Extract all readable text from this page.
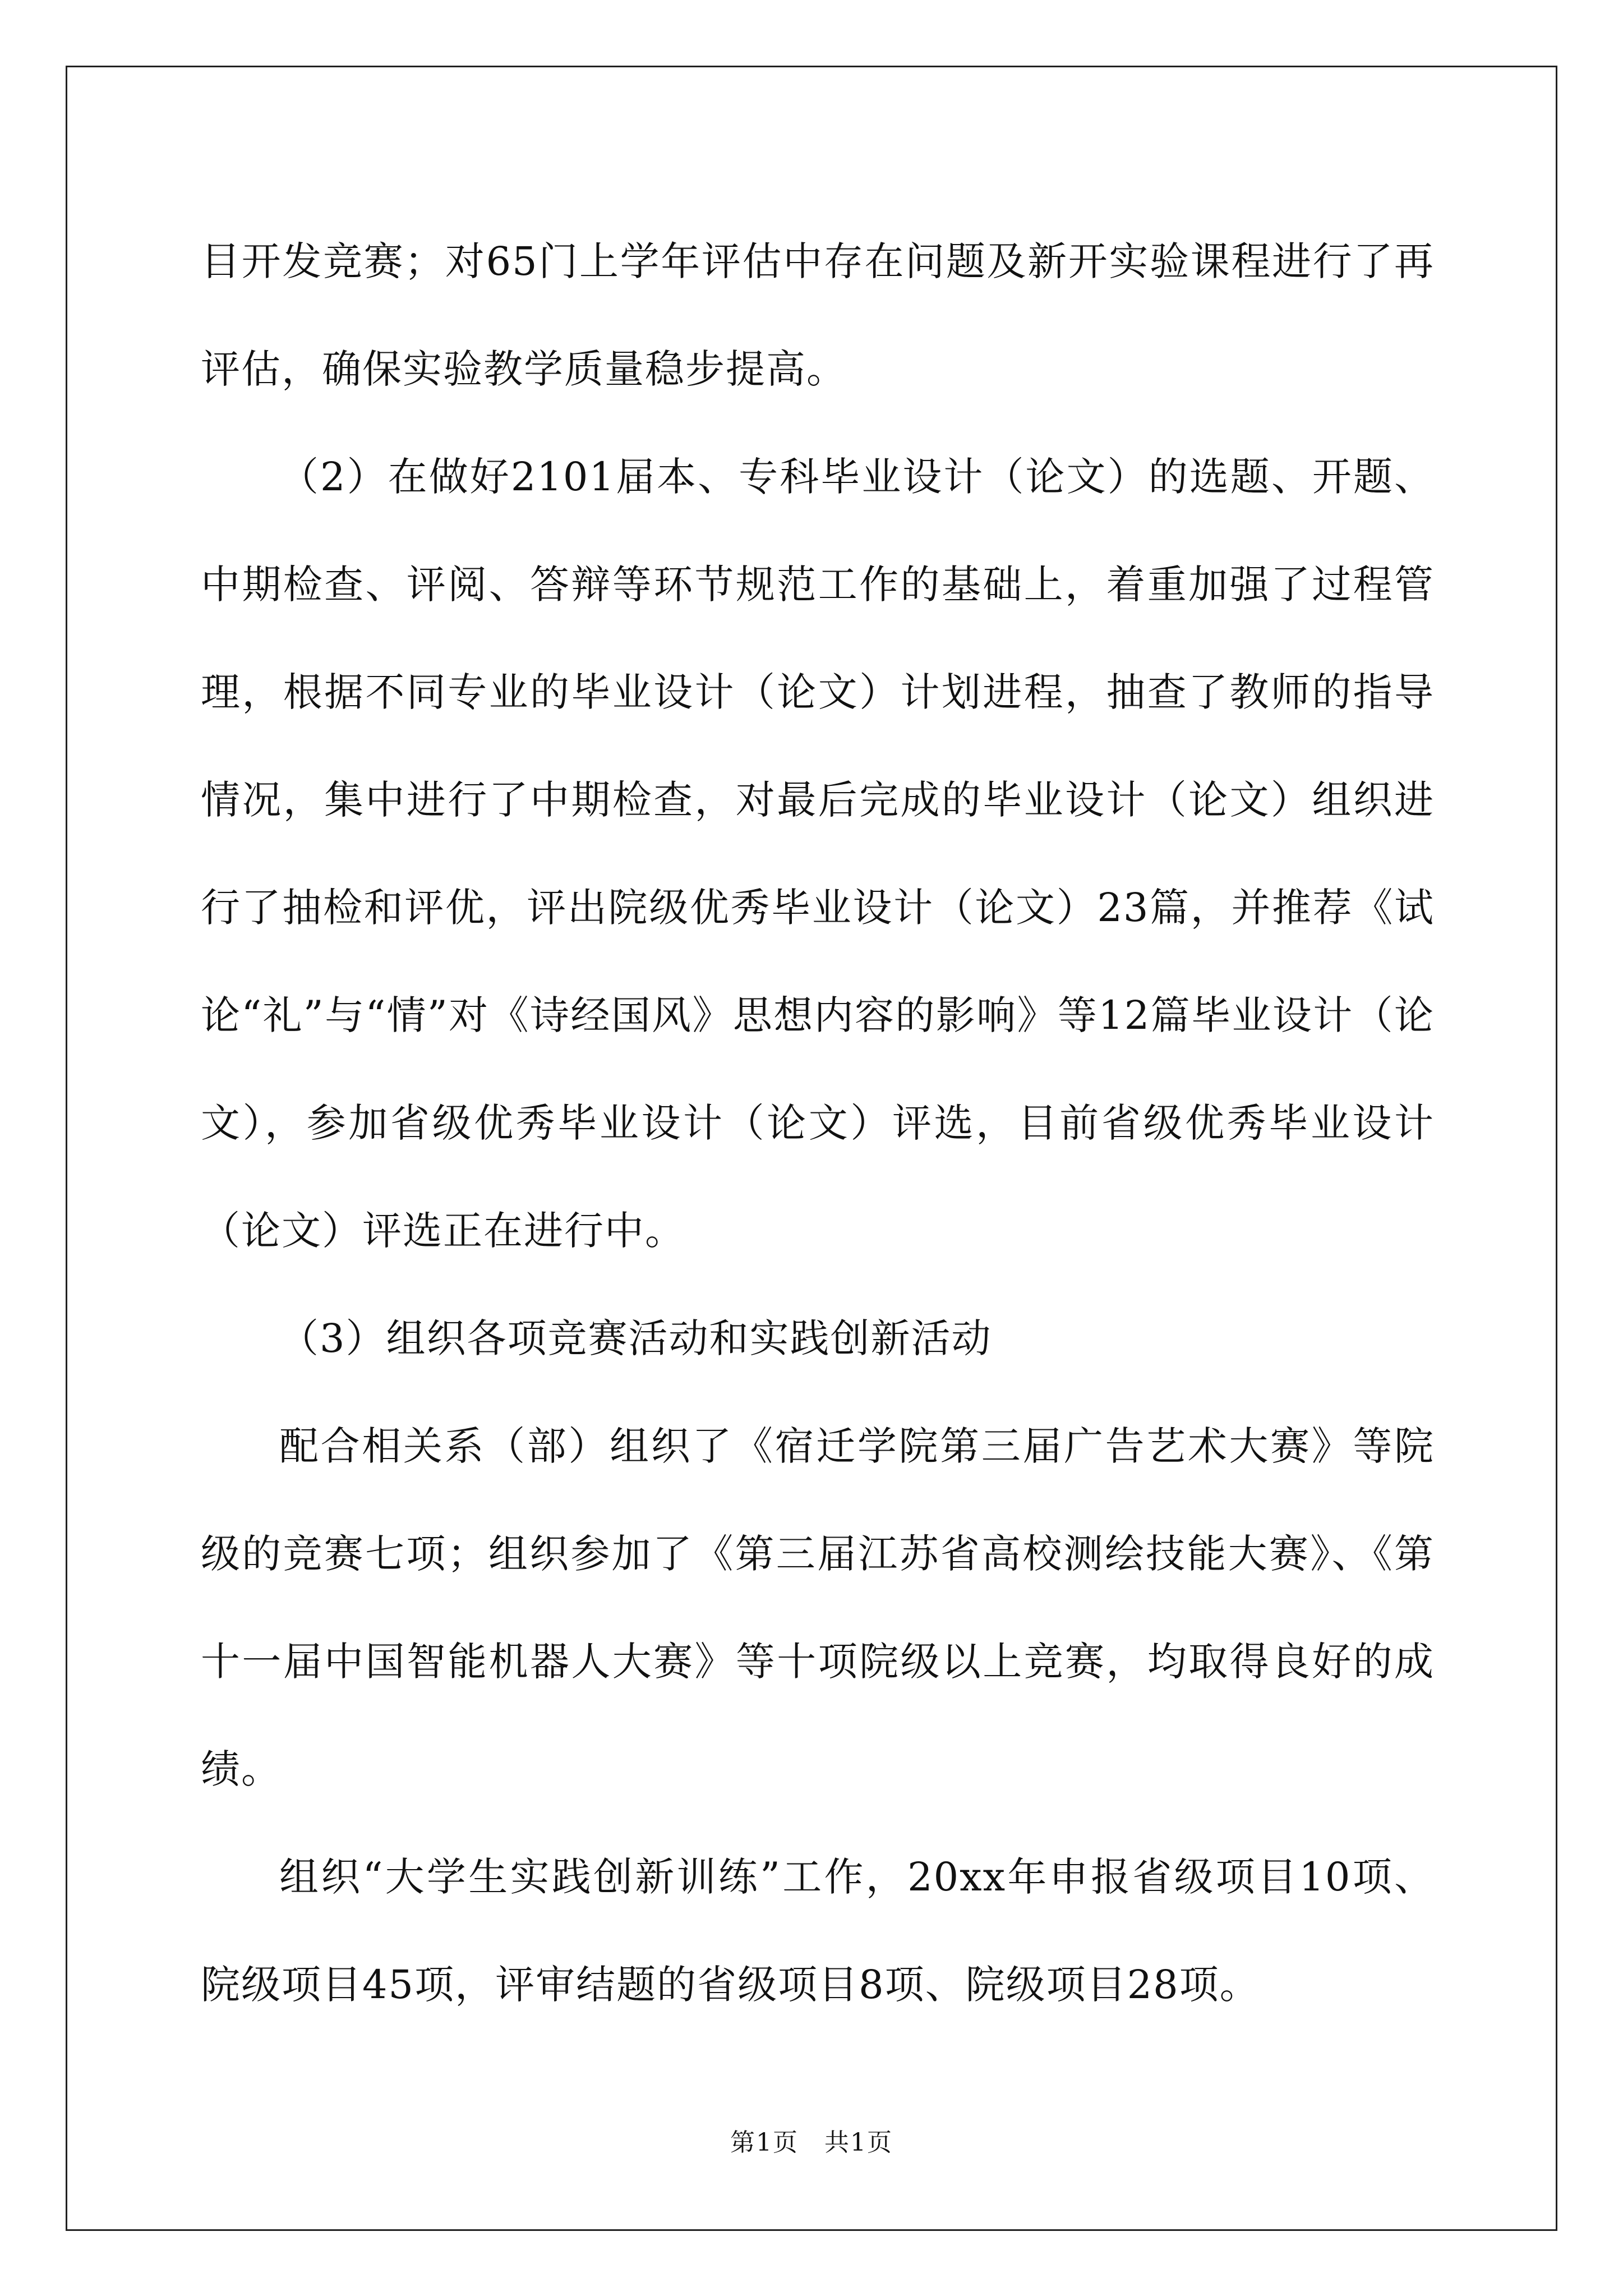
目开发竞赛；对65门上学年评估中存在问题及新开实验课程进行了再评估，确保实验教学质量稳步提高。

（2）在做好2101届本、专科毕业设计（论文）的选题、开题、中期检查、评阅、答辩等环节规范工作的基础上，着重加强了过程管理，根据不同专业的毕业设计（论文）计划进程，抽查了教师的指导情况，集中进行了中期检查，对最后完成的毕业设计（论文）组织进行了抽检和评优，评出院级优秀毕业设计（论文）23篇，并推荐《试论“礼”与“情”对《诗经国风》思想内容的影响》等12篇毕业设计（论文），参加省级优秀毕业设计（论文）评选，目前省级优秀毕业设计（论文）评选正在进行中。

（3）组织各项竞赛活动和实践创新活动

配合相关系（部）组织了《宿迁学院第三届广告艺术大赛》等院级的竞赛七项；组织参加了《第三届江苏省高校测绘技能大赛》、《第十一届中国智能机器人大赛》等十项院级以上竞赛，均取得良好的成绩。

组织“大学生实践创新训练”工作，20xx年申报省级项目10项、院级项目45项，评审结题的省级项目8项、院级项目28项。

第1页　共1页
